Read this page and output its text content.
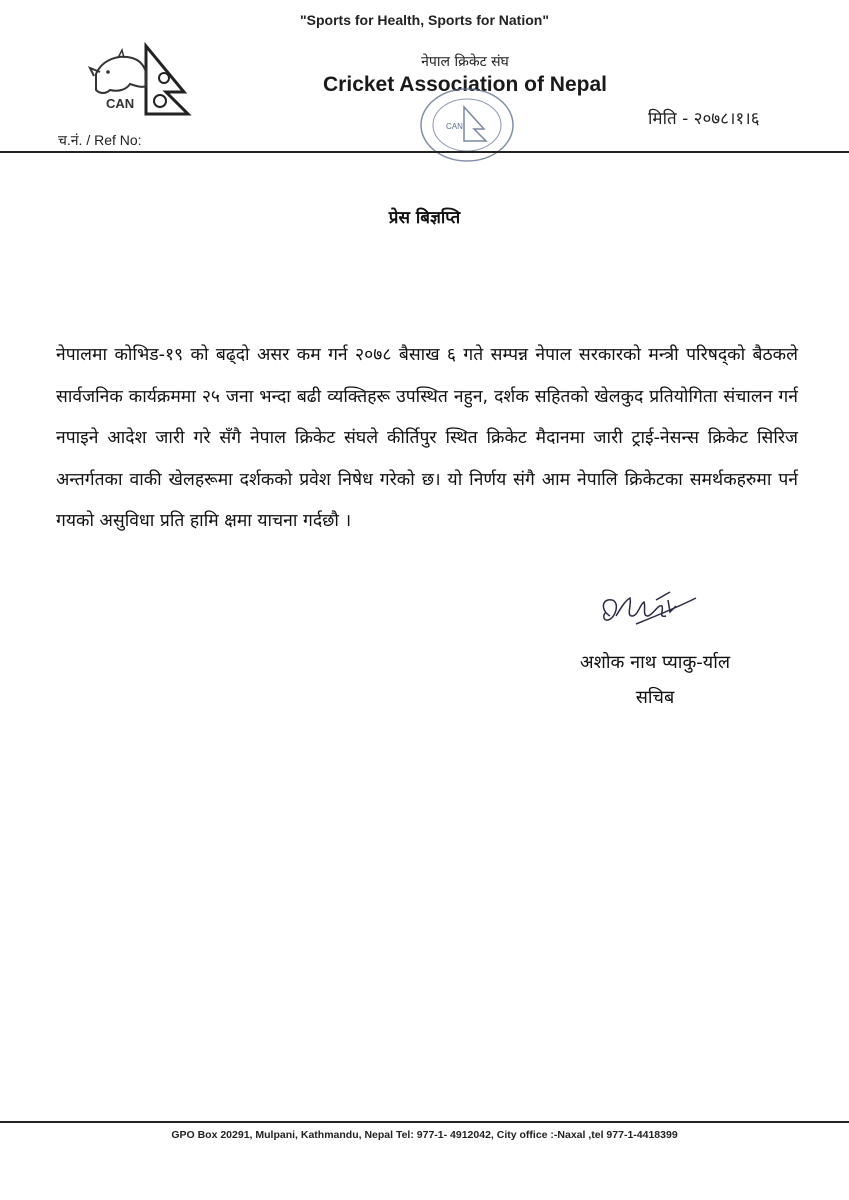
"Sports for Health, Sports for Nation"
CAN
नेपाल क्रिकेट संघ
Cricket Association of Nepal
CAN
च.नं. / Ref No:
मिति - २०७८।१।६
प्रेस बिज्ञप्ति
नेपालमा कोभिड-१९ को बढ्दो असर कम गर्न २०७८ बैसाख ६ गते सम्पन्न नेपाल सरकारको मन्त्री परिषद्को बैठकले सार्वजनिक कार्यक्रममा २५ जना भन्दा बढी व्यक्तिहरू उपस्थित नहुन, दर्शक सहितको खेलकुद प्रतियोगिता संचालन गर्न नपाइने आदेश जारी गरे सँगै नेपाल क्रिकेट संघले कीर्तिपुर स्थित क्रिकेट मैदानमा जारी ट्राई-नेसन्स क्रिकेट सिरिज अन्तर्गतका वाकी खेलहरूमा दर्शकको प्रवेश निषेध गरेको छ। यो निर्णय संगै आम नेपालि क्रिकेटका समर्थकहरुमा पर्न गयको असुविधा प्रति हामि क्षमा याचना गर्दछौ ।
अशोक नाथ प्याकु-र्याल
सचिब
GPO Box 20291, Mulpani, Kathmandu, Nepal Tel: 977-1- 4912042, City office :-Naxal ,tel 977-1-4418399
